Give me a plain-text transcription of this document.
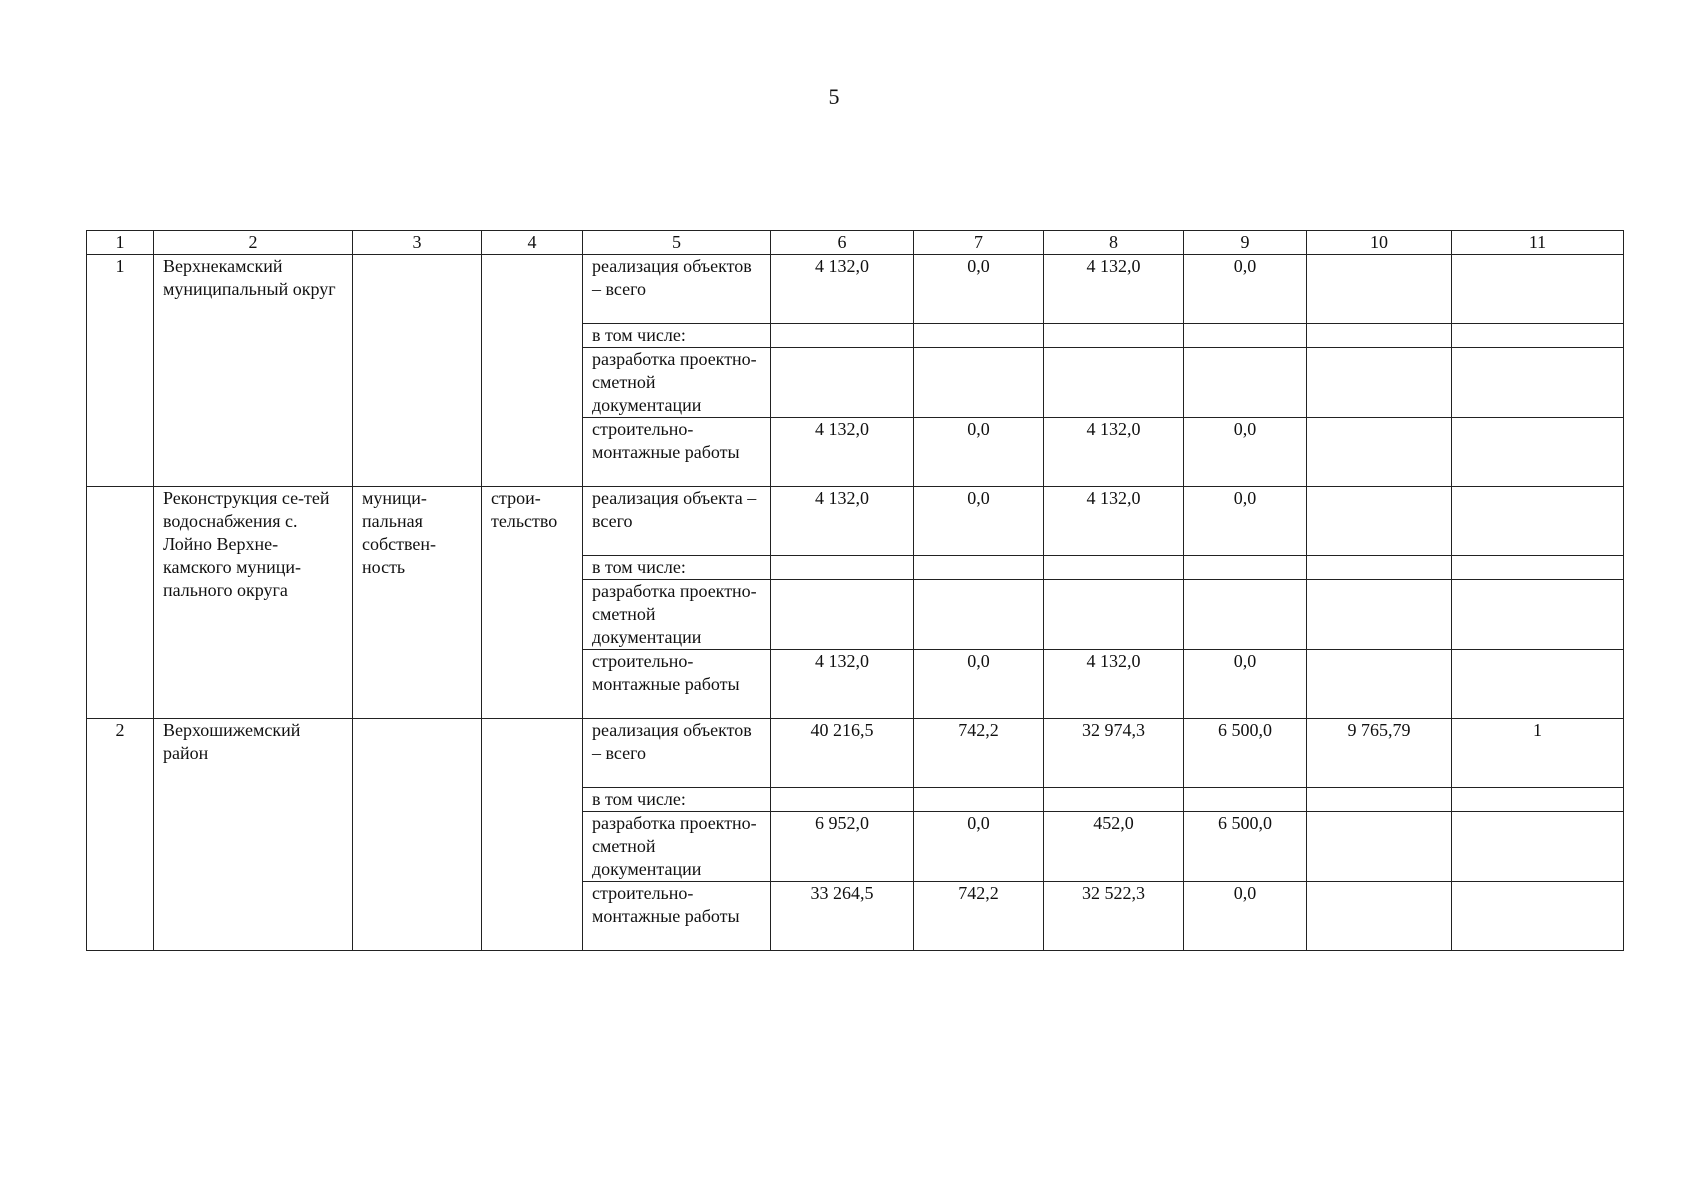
5
1	2	3	4	5	6	7	8	9	10	11
1	Верхнекамский муниципальный округ			реализация объектов – всего	4 132,0	0,0	4 132,0	0,0		
				в том числе:						
				разработка проектно-сметной документации						
				строительно-монтажные работы	4 132,0	0,0	4 132,0	0,0		
	Реконструкция се-тей водоснабжения с. Лойно Верхне-камского муници-пального округа	муници-пальная собствен-ность	строи-тельство	реализация объекта – всего	4 132,0	0,0	4 132,0	0,0		
				в том числе:						
				разработка проектно-сметной документации						
				строительно-монтажные работы	4 132,0	0,0	4 132,0	0,0		
2	Верхошижемский район			реализация объектов – всего	40 216,5	742,2	32 974,3	6 500,0	9 765,79	1
				в том числе:						
				разработка проектно-сметной документации	6 952,0	0,0	452,0	6 500,0		
				строительно-монтажные работы	33 264,5	742,2	32 522,3	0,0		
